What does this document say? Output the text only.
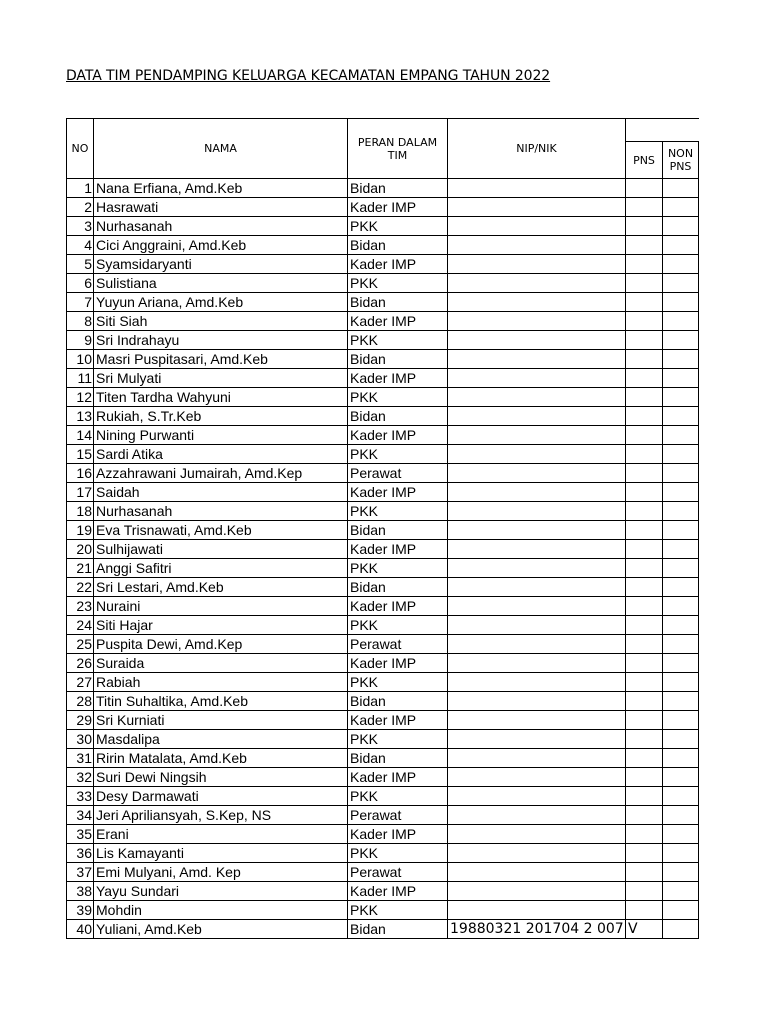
DATA TIM PENDAMPING KELUARGA KECAMATAN EMPANG TAHUN 2022
NO	NAMA	PERAN DALAM TIM	NIP/NIK		
				PNS	NON PNS
1	Nana Erfiana, Amd.Keb	Bidan			
2	Hasrawati	Kader IMP			
3	Nurhasanah	PKK			
4	Cici Anggraini, Amd.Keb	Bidan			
5	Syamsidaryanti	Kader IMP			
6	Sulistiana	PKK			
7	Yuyun Ariana, Amd.Keb	Bidan			
8	Siti Siah	Kader IMP			
9	Sri Indrahayu	PKK			
10	Masri Puspitasari, Amd.Keb	Bidan			
11	Sri Mulyati	Kader IMP			
12	Titen Tardha Wahyuni	PKK			
13	Rukiah, S.Tr.Keb	Bidan			
14	Nining Purwanti	Kader IMP			
15	Sardi Atika	PKK			
16	Azzahrawani Jumairah, Amd.Kep	Perawat			
17	Saidah	Kader IMP			
18	Nurhasanah	PKK			
19	Eva Trisnawati, Amd.Keb	Bidan			
20	Sulhijawati	Kader IMP			
21	Anggi Safitri	PKK			
22	Sri Lestari, Amd.Keb	Bidan			
23	Nuraini	Kader IMP			
24	Siti Hajar	PKK			
25	Puspita Dewi, Amd.Kep	Perawat			
26	Suraida	Kader IMP			
27	Rabiah	PKK			
28	Titin Suhaltika, Amd.Keb	Bidan			
29	Sri Kurniati	Kader IMP			
30	Masdalipa	PKK			
31	Ririn Matalata, Amd.Keb	Bidan			
32	Suri Dewi Ningsih	Kader IMP			
33	Desy Darmawati	PKK			
34	Jeri Apriliansyah, S.Kep, NS	Perawat			
35	Erani	Kader IMP			
36	Lis Kamayanti	PKK			
37	Emi Mulyani, Amd. Kep	Perawat			
38	Yayu Sundari	Kader IMP			
39	Mohdin	PKK			
40	Yuliani, Amd.Keb	Bidan	19880321 201704 2 007	V	
